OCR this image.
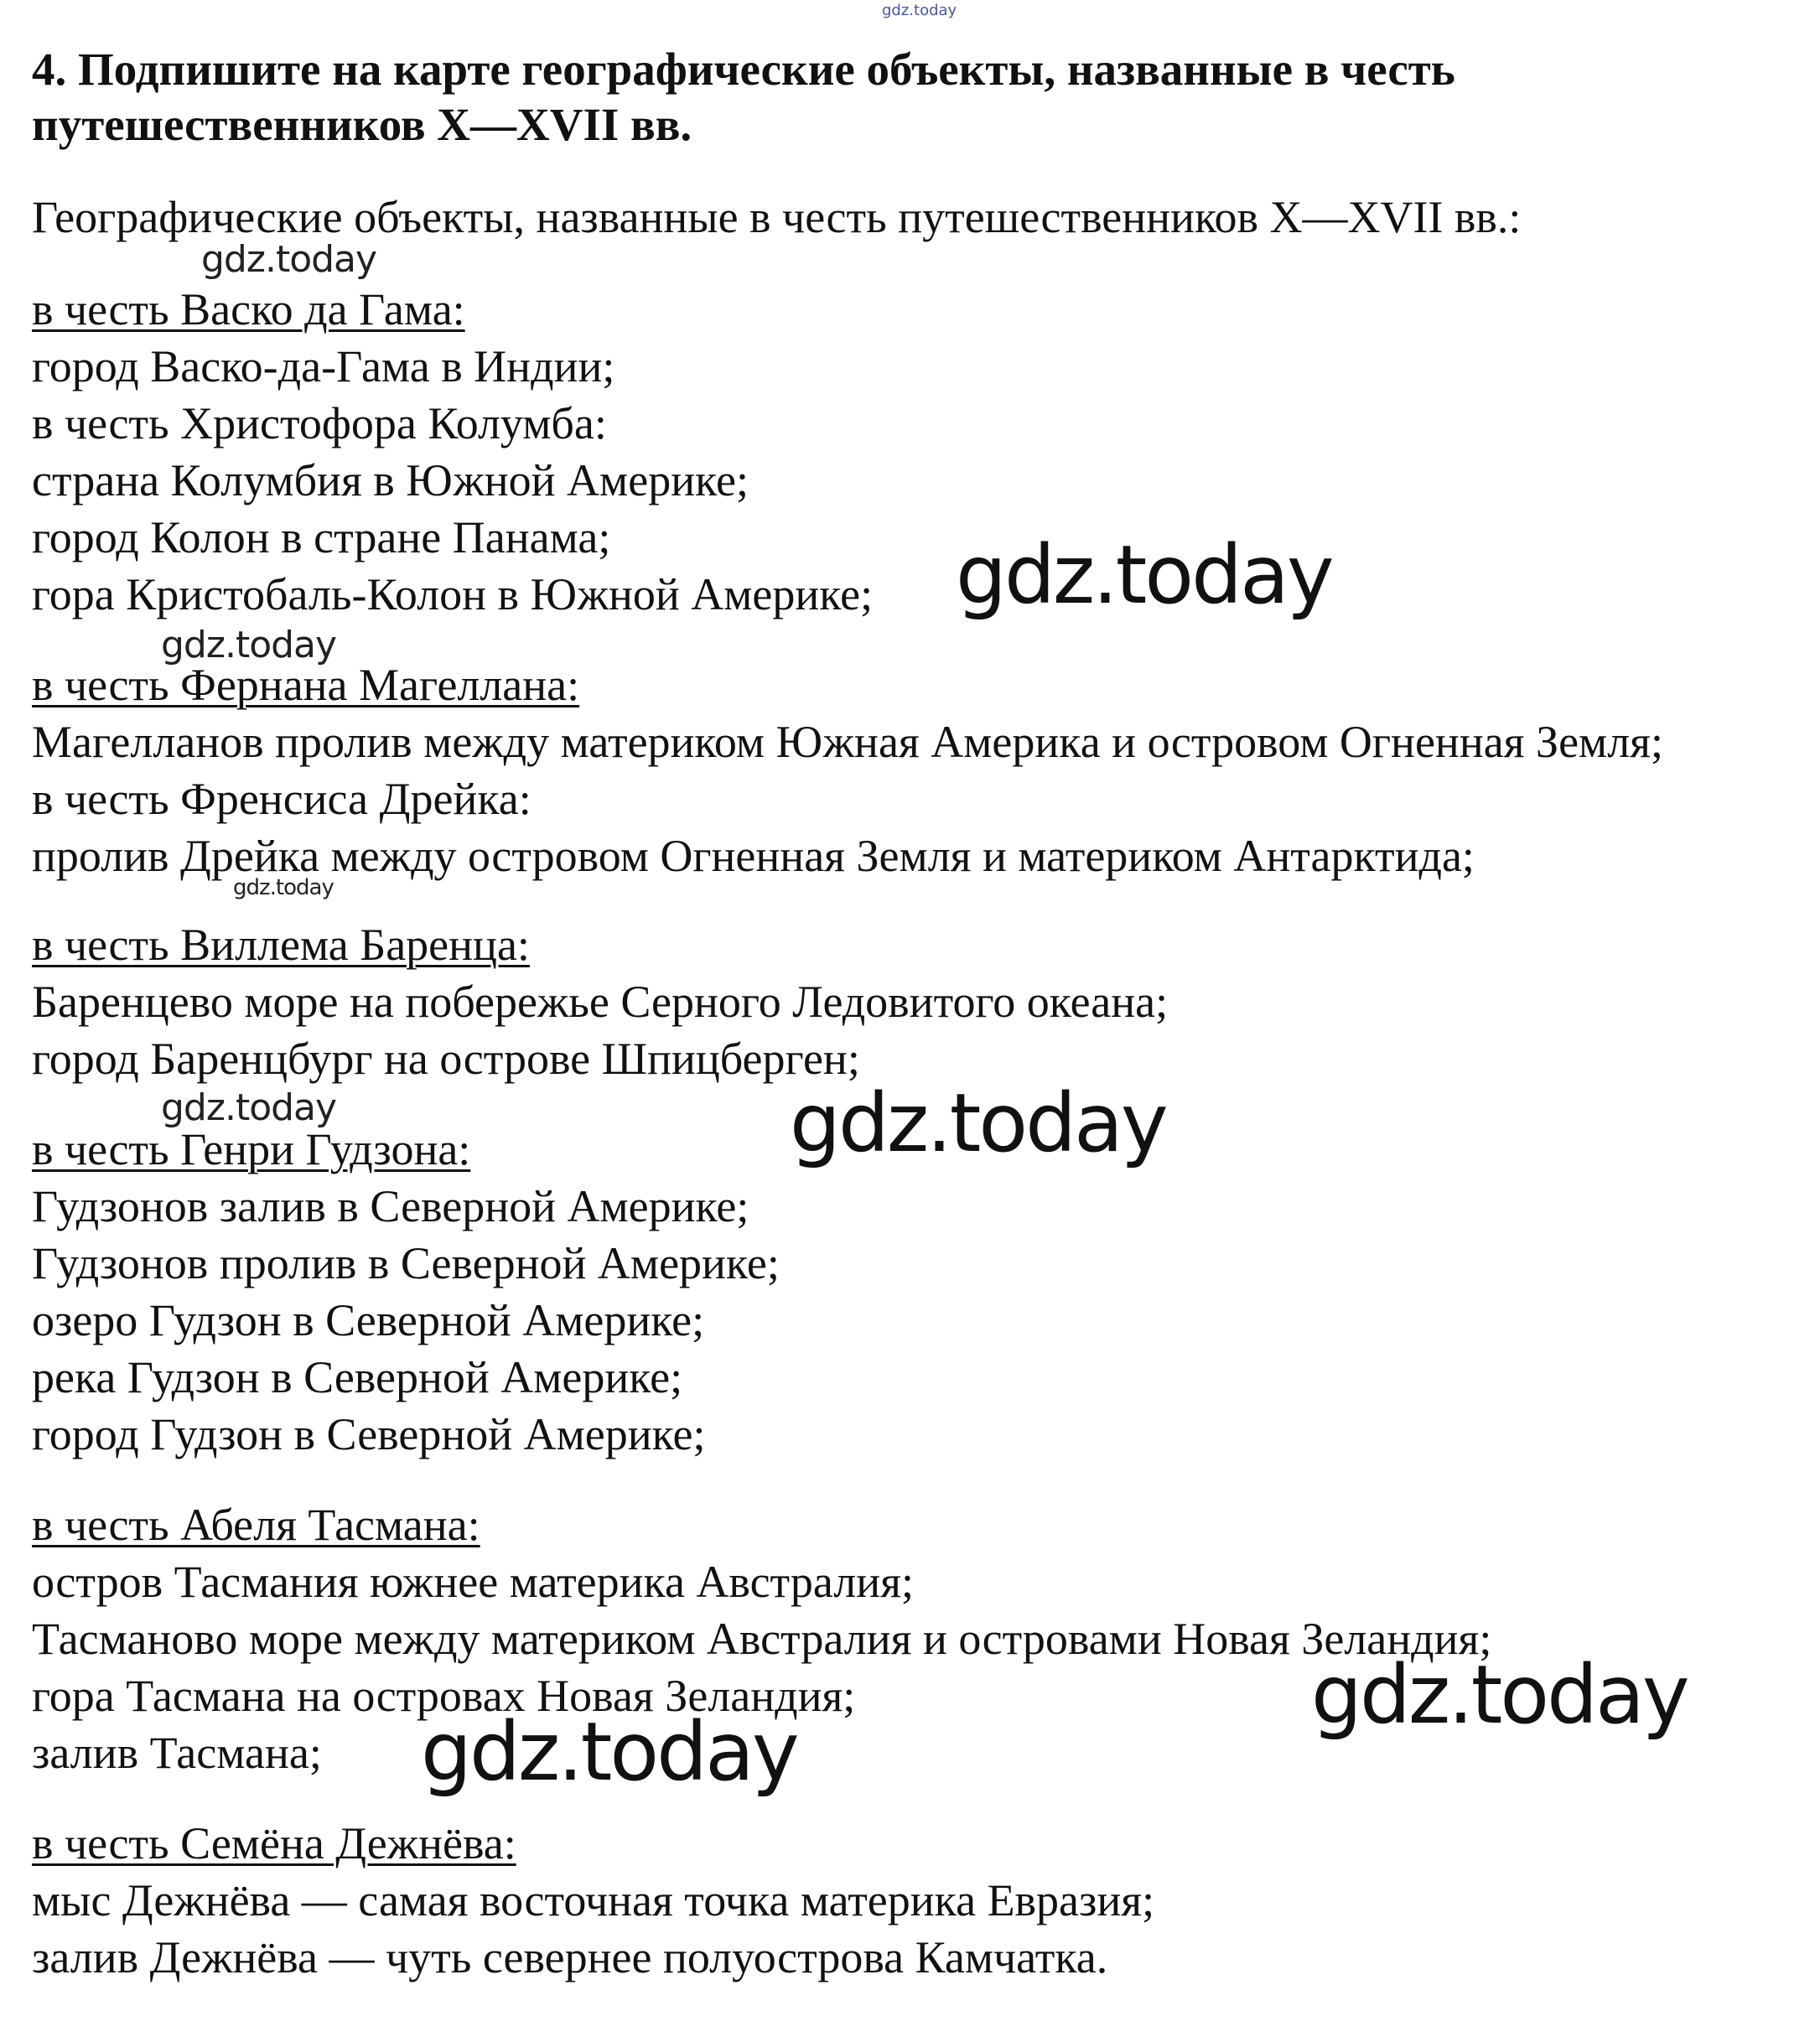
gdz.today
4. Подпишите на карте географические объекты, названные в честь путешественников X—XVII вв.
Географические объекты, названные в честь путешественников X—XVII вв.:
в честь Васко да Гама:
город Васко-да-Гама в Индии;
в честь Христофора Колумба:
страна Колумбия в Южной Америке;
город Колон в стране Панама;
гора Кристобаль-Колон в Южной Америке;
в честь Фернана Магеллана:
Магелланов пролив между материком Южная Америка и островом Огненная Земля;
в честь Френсиса Дрейка:
пролив Дрейка между островом Огненная Земля и материком Антарктида;
в честь Виллема Баренца:
Баренцево море на побережье Серного Ледовитого океана;
город Баренцбург на острове Шпицберген;
в честь Генри Гудзона:
Гудзонов залив в Северной Америке;
Гудзонов пролив в Северной Америке;
озеро Гудзон в Северной Америке;
река Гудзон в Северной Америке;
город Гудзон в Северной Америке;
в честь Абеля Тасмана:
остров Тасмания южнее материка Австралия;
Тасманово море между материком Австралия и островами Новая Зеландия;
гора Тасмана на островах Новая Зеландия;
залив Тасмана;
в честь Семёна Дежнёва:
мыс Дежнёва — самая восточная точка материка Евразия;
залив Дежнёва — чуть севернее полуострова Камчатка.
gdz.today
gdz.today
gdz.today
gdz.today
gdz.today	gdz.today
gdz.today
gdz.today
